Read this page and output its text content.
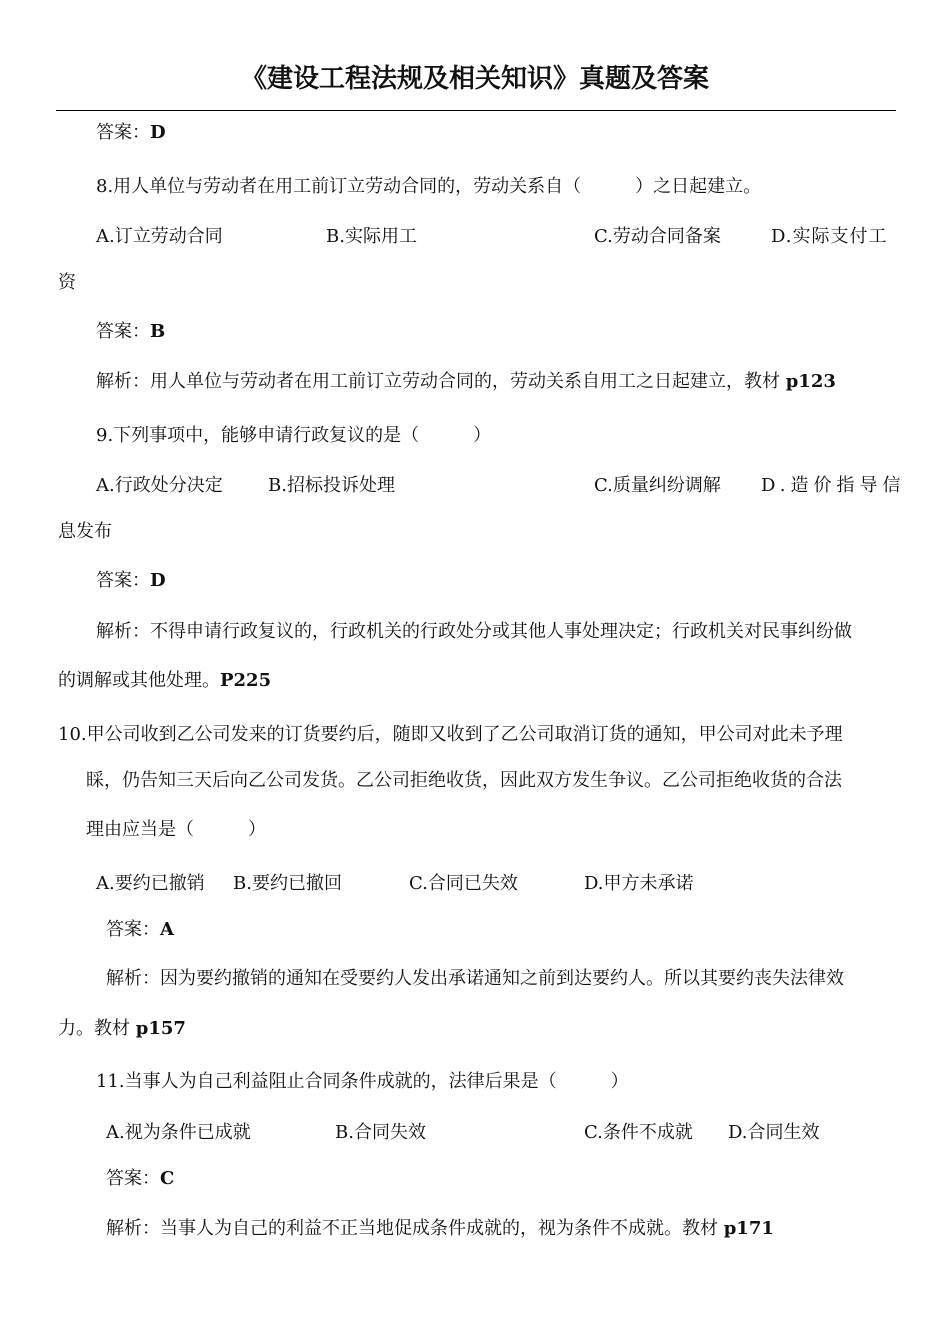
《建设工程法规及相关知识》真题及答案
答案：D
8.用人单位与劳动者在用工前订立劳动合同的，劳动关系自（　　　）之日起建立。
A.订立劳动合同	B.实际用工	C.劳动合同备案	D.实际支付工
资
答案：B
解析：用人单位与劳动者在用工前订立劳动合同的，劳动关系自用工之日起建立，教材 p123
9.下列事项中，能够申请行政复议的是（　　　）
A.行政处分决定	B.招标投诉处理	C.质量纠纷调解 D.造价指导信
息发布
答案：D
解析：不得申请行政复议的，行政机关的行政处分或其他人事处理决定；行政机关对民事纠纷做
的调解或其他处理。P225
10.甲公司收到乙公司发来的订货要约后，随即又收到了乙公司取消订货的通知，甲公司对此未予理
睬，仍告知三天后向乙公司发货。乙公司拒绝收货，因此双方发生争议。乙公司拒绝收货的合法
理由应当是（　　　）
A.要约已撤销 B.要约已撤回	C.合同已失效	D.甲方未承诺
答案：A
解析：因为要约撤销的通知在受要约人发出承诺通知之前到达要约人。所以其要约丧失法律效
力。教材 p157
11.当事人为自己利益阻止合同条件成就的，法律后果是（　　　）
A.视为条件已成就	B.合同失效	C.条件不成就 D.合同生效
答案：C
解析：当事人为自己的利益不正当地促成条件成就的，视为条件不成就。教材 p171
